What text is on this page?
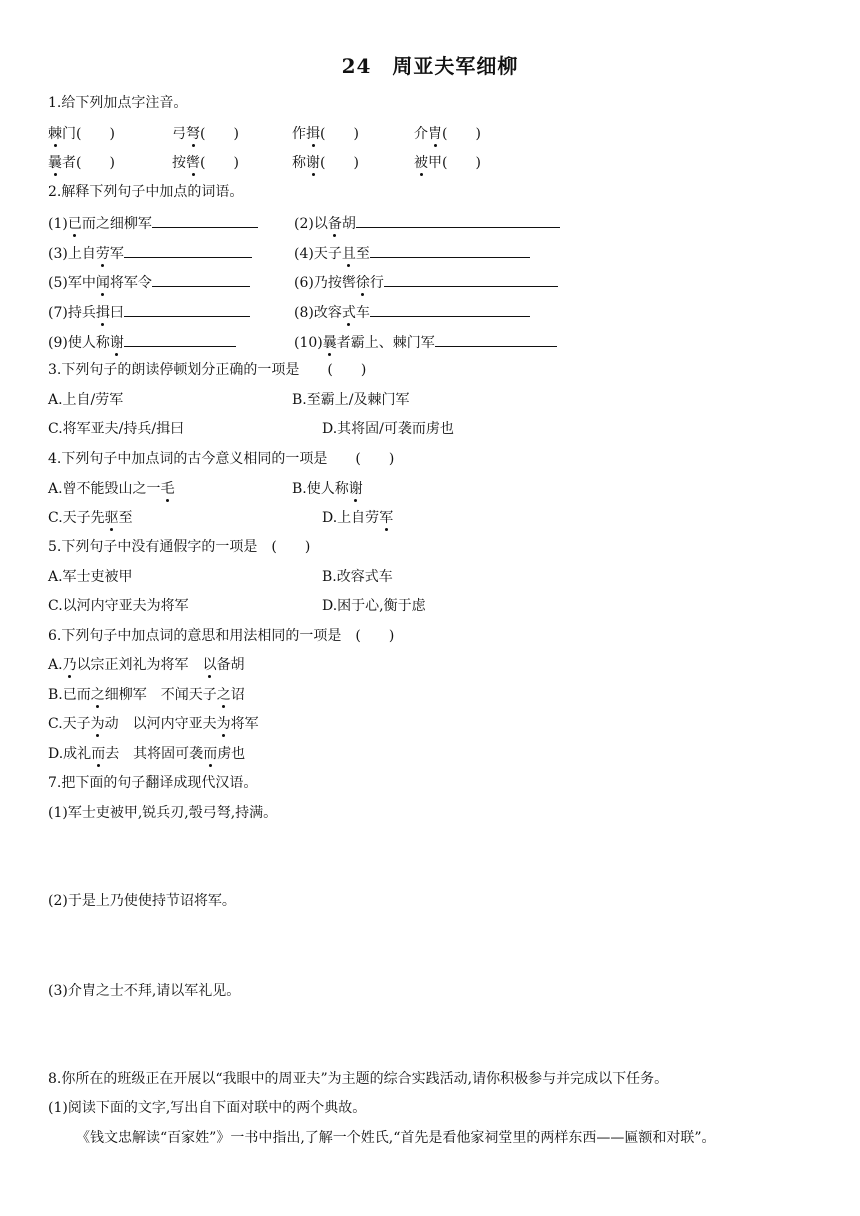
24　周亚夫军细柳
1.给下列加点字注音。
棘门(　　)	弓弩(　　)	作揖(　　)	介胄(　　)
曩者(　　)	按辔(　　)	称谢(　　)	被甲(　　)
2.解释下列句子中加点的词语。
(1)已而之细柳军	(2)以备胡
(3)上自劳军	(4)天子且至
(5)军中闻将军令	(6)乃按辔徐行
(7)持兵揖曰	(8)改容式车
(9)使人称谢	(10)曩者霸上、棘门军
3.下列句子的朗读停顿划分正确的一项是　　(　　)
A.上自/劳军	B.至霸上/及棘门军
C.将军亚夫/持兵/揖曰	D.其将固/可袭而虏也
4.下列句子中加点词的古今意义相同的一项是　　(　　)
A.曾不能毁山之一毛	B.使人称谢
C.天子先驱至	D.上自劳军
5.下列句子中没有通假字的一项是　(　　)
A.军士吏被甲	B.改容式车
C.以河内守亚夫为将军	D.困于心,衡于虑
6.下列句子中加点词的意思和用法相同的一项是　(　　)
A.乃以宗正刘礼为将军　以备胡
B.已而之细柳军　不闻天子之诏
C.天子为动　以河内守亚夫为将军
D.成礼而去　其将固可袭而虏也
7.把下面的句子翻译成现代汉语。
(1)军士吏被甲,锐兵刃,彀弓弩,持满。
(2)于是上乃使使持节诏将军。
(3)介胄之士不拜,请以军礼见。
8.你所在的班级正在开展以“我眼中的周亚夫”为主题的综合实践活动,请你积极参与并完成以下任务。
(1)阅读下面的文字,写出自下面对联中的两个典故。
《钱文忠解读“百家姓”》一书中指出,了解一个姓氏,“首先是看他家祠堂里的两样东西——匾额和对联”。
